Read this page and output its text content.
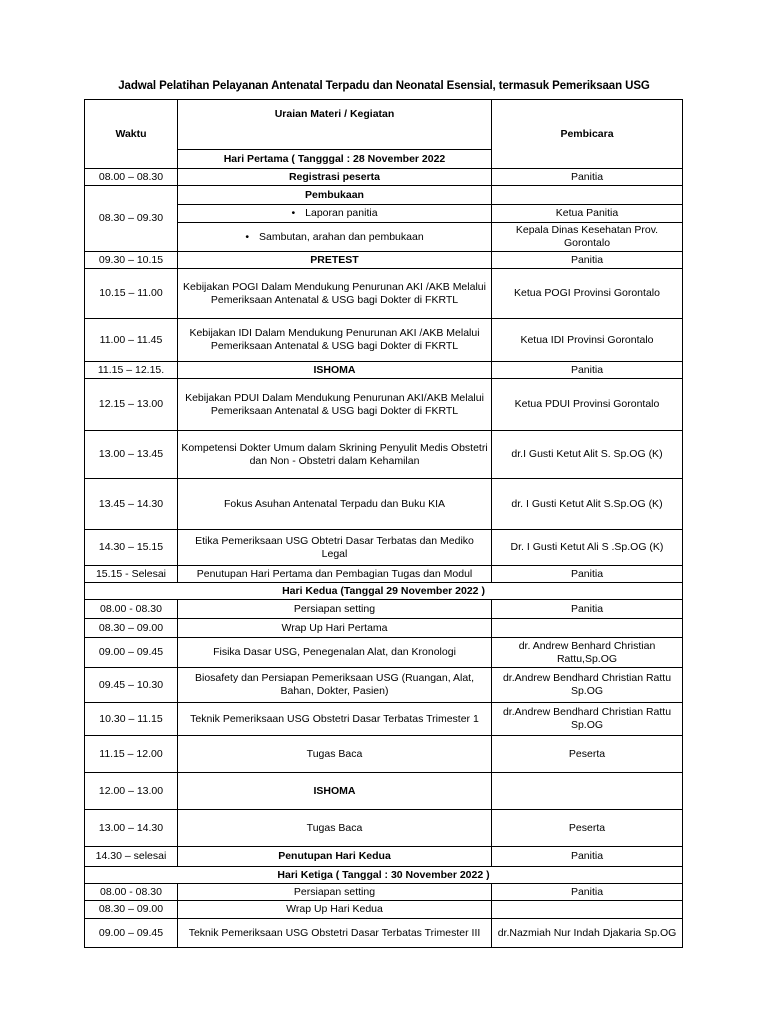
Jadwal Pelatihan Pelayanan Antenatal Terpadu dan Neonatal Esensial, termasuk Pemeriksaan USG
Waktu	Uraian Materi / Kegiatan	Pembicara
	Hari Pertama ( Tangggal : 28 November 2022	
08.00 – 08.30	Registrasi peserta	Panitia
08.30 – 09.30	Pembukaan	
	• Laporan panitia	Ketua Panitia
	• Sambutan, arahan dan pembukaan	Kepala Dinas Kesehatan Prov. Gorontalo
09.30 – 10.15	PRETEST	Panitia
10.15 – 11.00	Kebijakan POGI Dalam Mendukung Penurunan AKI /AKB Melalui Pemeriksaan Antenatal & USG bagi Dokter di FKRTL	Ketua POGI Provinsi Gorontalo
11.00 – 11.45	Kebijakan IDI Dalam Mendukung Penurunan AKI /AKB Melalui Pemeriksaan Antenatal & USG bagi Dokter di FKRTL	Ketua IDI Provinsi Gorontalo
11.15 – 12.15.	ISHOMA	Panitia
12.15 – 13.00	Kebijakan PDUI Dalam Mendukung Penurunan AKI/AKB Melalui Pemeriksaan Antenatal & USG bagi Dokter di FKRTL	Ketua PDUI Provinsi Gorontalo
13.00 – 13.45	Kompetensi Dokter Umum dalam Skrining Penyulit Medis Obstetri dan Non - Obstetri dalam Kehamilan	dr.I Gusti Ketut Alit S. Sp.OG (K)
13.45 – 14.30	Fokus Asuhan Antenatal Terpadu dan Buku KIA	dr. I Gusti Ketut Alit S.Sp.OG (K)
14.30 – 15.15	Etika Pemeriksaan USG Obtetri Dasar Terbatas dan Mediko Legal	Dr. I Gusti Ketut Ali S .Sp.OG (K)
15.15 - Selesai	Penutupan Hari Pertama dan Pembagian Tugas dan Modul	Panitia
Hari Kedua (Tanggal 29 November 2022 )		
08.00 - 08.30	Persiapan setting	Panitia
08.30 – 09.00	Wrap Up Hari Pertama	
09.00 – 09.45	Fisika Dasar USG, Penegenalan Alat, dan Kronologi	dr. Andrew Benhard Christian Rattu,Sp.OG
09.45 – 10.30	Biosafety dan Persiapan Pemeriksaan USG (Ruangan, Alat, Bahan, Dokter, Pasien)	dr.Andrew Bendhard Christian Rattu Sp.OG
10.30 – 11.15	Teknik Pemeriksaan USG Obstetri Dasar Terbatas Trimester 1	dr.Andrew Bendhard Christian Rattu Sp.OG
11.15 – 12.00	Tugas Baca	Peserta
12.00 – 13.00	ISHOMA	
13.00 – 14.30	Tugas Baca	Peserta
14.30 – selesai	Penutupan Hari Kedua	Panitia
Hari Ketiga ( Tanggal : 30 November 2022 )		
08.00 - 08.30	Persiapan setting	Panitia
08.30 – 09.00	Wrap Up Hari Kedua	
09.00 – 09.45	Teknik Pemeriksaan USG Obstetri Dasar Terbatas Trimester III	dr.Nazmiah Nur Indah Djakaria Sp.OG
